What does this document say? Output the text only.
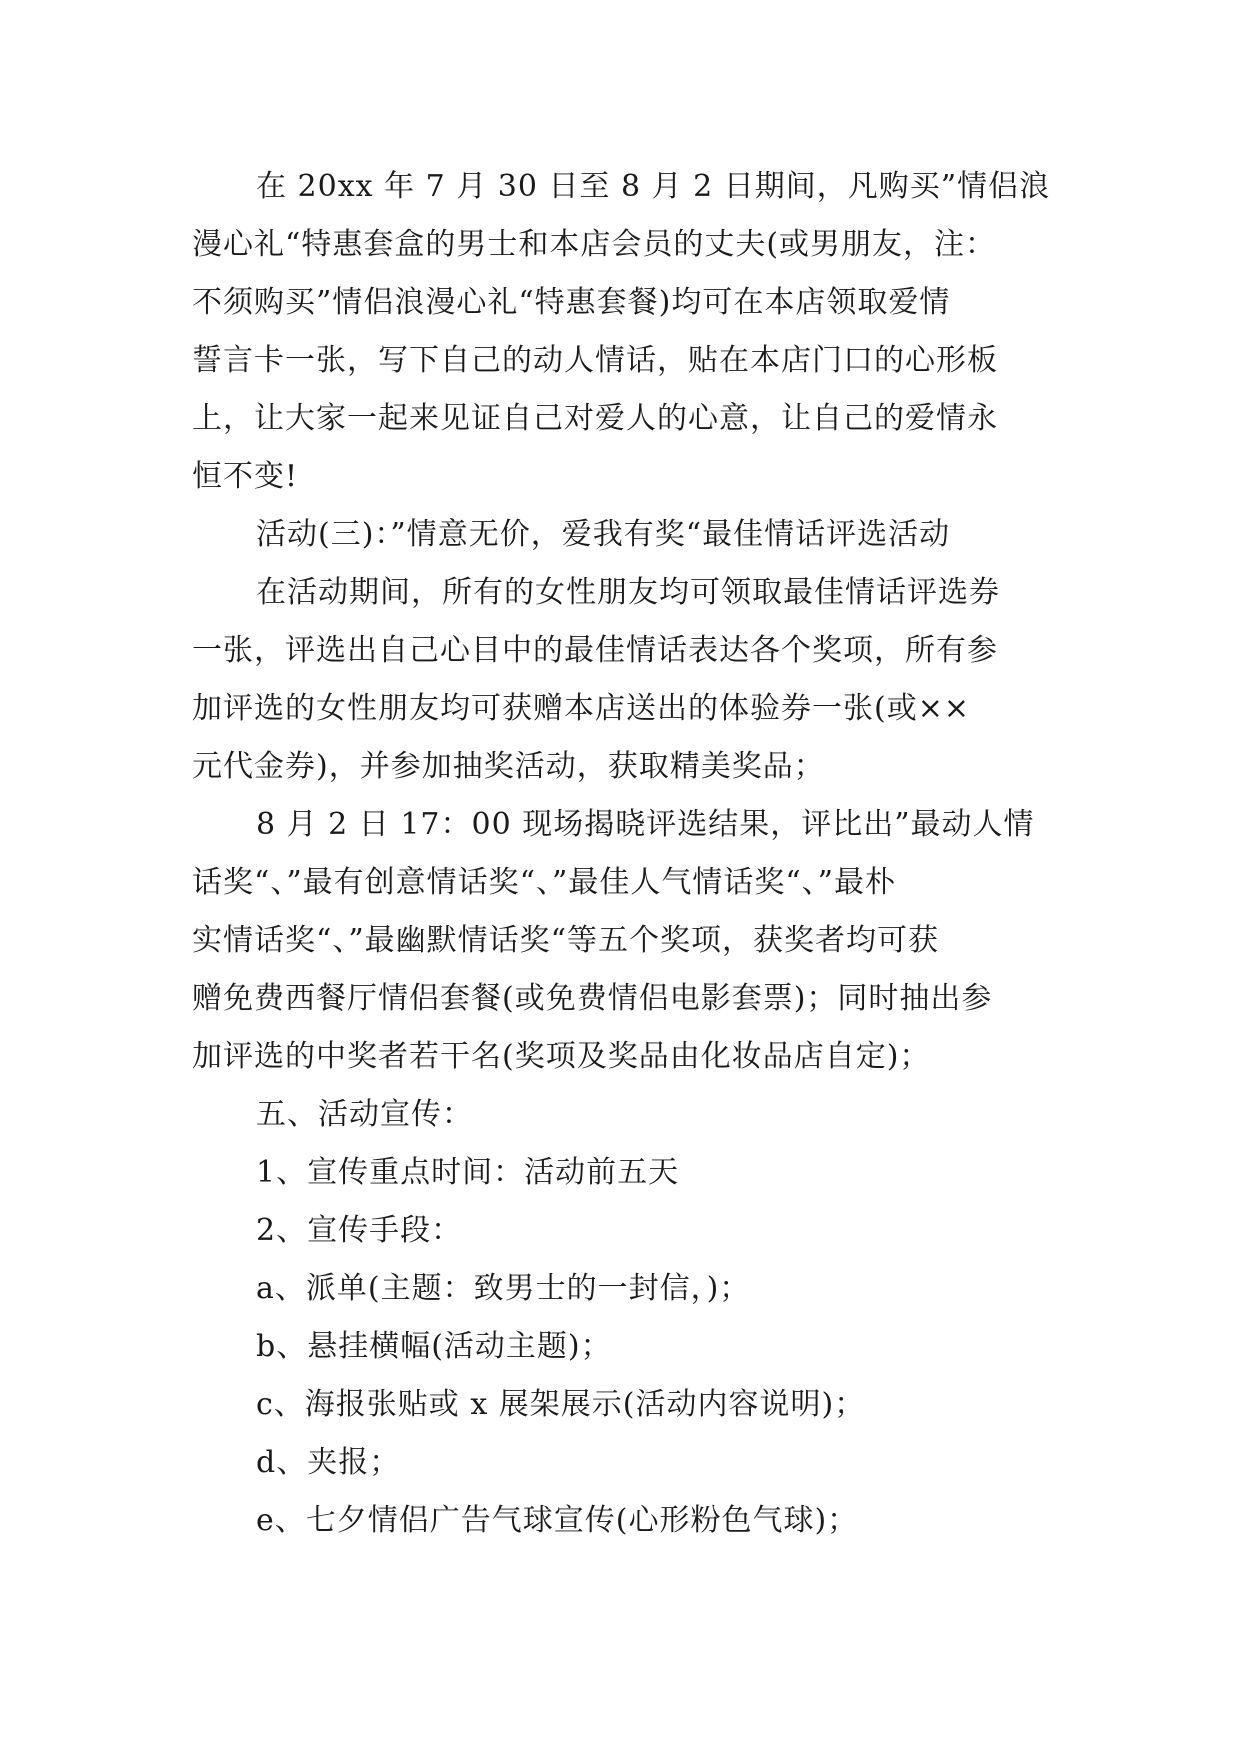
在 20xx 年 7 月 30 日至 8 月 2 日期间，凡购买”情侣浪
漫心礼“特惠套盒的男士和本店会员的丈夫(或男朋友，注：
不须购买”情侣浪漫心礼“特惠套餐)均可在本店领取爱情
誓言卡一张，写下自己的动人情话，贴在本店门口的心形板
上，让大家一起来见证自己对爱人的心意，让自己的爱情永
恒不变!
活动(三)：”情意无价，爱我有奖“最佳情话评选活动
在活动期间，所有的女性朋友均可领取最佳情话评选券
一张，评选出自己心目中的最佳情话表达各个奖项，所有参
加评选的女性朋友均可获赠本店送出的体验券一张(或××
元代金券)，并参加抽奖活动，获取精美奖品；
8 月 2 日 17：00 现场揭晓评选结果，评比出”最动人情
话奖“、”最有创意情话奖“、”最佳人气情话奖“、”最朴
实情话奖“、”最幽默情话奖“等五个奖项，获奖者均可获
赠免费西餐厅情侣套餐(或免费情侣电影套票)；同时抽出参
加评选的中奖者若干名(奖项及奖品由化妆品店自定)；
五、活动宣传：
1、宣传重点时间：活动前五天
2、宣传手段：
a、派单(主题：致男士的一封信，)；
b、悬挂横幅(活动主题)；
c、海报张贴或 x 展架展示(活动内容说明)；
d、夹报；
e、七夕情侣广告气球宣传(心形粉色气球)；
